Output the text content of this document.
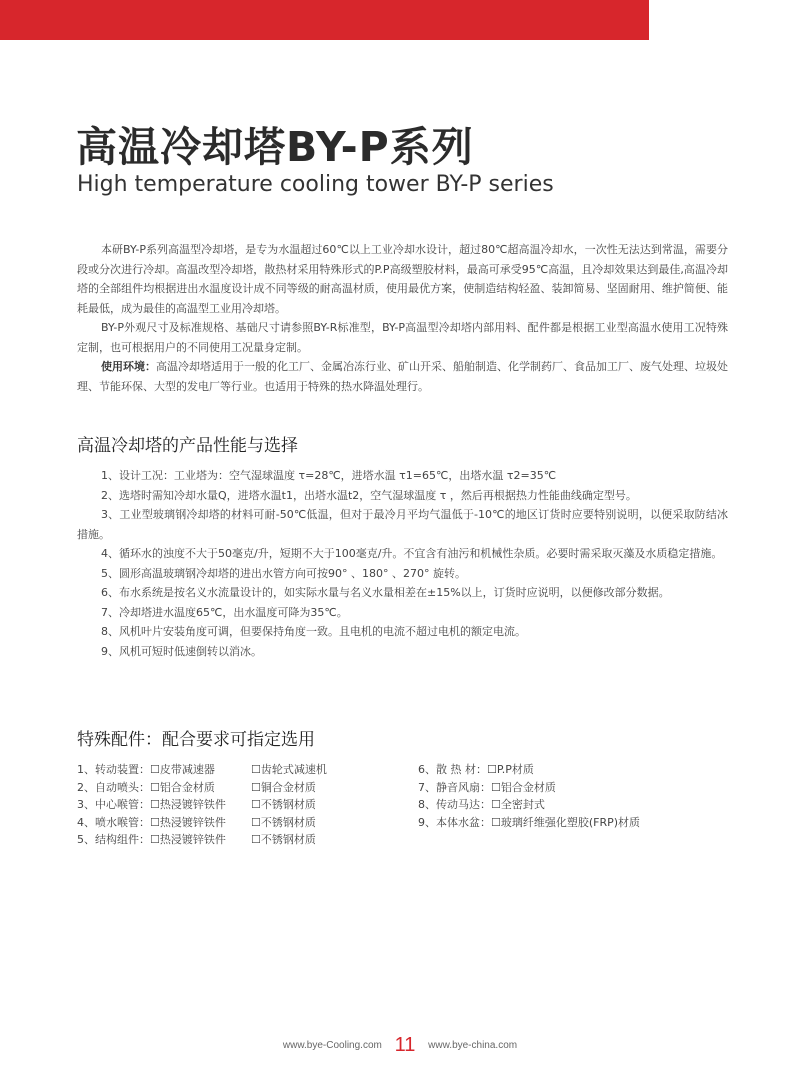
高温冷却塔BY-P系列
High temperature cooling tower BY-P series

本研BY-P系列高温型冷却塔，是专为水温超过60℃以上工业冷却水设计，超过80℃超高温冷却水，一次性无法达到常温，需要分段或分次进行冷却。高温改型冷却塔，散热材采用特殊形式的P.P高级塑胶材料，最高可承受95℃高温，且冷却效果达到最佳,高温冷却塔的全部组件均根据进出水温度设计成不同等级的耐高温材质，使用最优方案，使制造结构轻盈、装卸简易、坚固耐用、维护简便、能耗最低，成为最佳的高温型工业用冷却塔。

BY-P外观尺寸及标准规格、基础尺寸请参照BY-R标准型，BY-P高温型冷却塔内部用料、配件都是根据工业型高温水使用工况特殊定制，也可根据用户的不同使用工况量身定制。

使用环境：高温冷却塔适用于一般的化工厂、金属冶冻行业、矿山开采、船舶制造、化学制药厂、食品加工厂、废气处理、垃圾处理、节能环保、大型的发电厂等行业。也适用于特殊的热水降温处理行。

高温冷却塔的产品性能与选择

1、设计工况：工业塔为：空气湿球温度 τ=28℃，进塔水温 τ1=65℃，出塔水温 τ2=35℃

2、选塔时需知冷却水量Q，进塔水温t1，出塔水温t2，空气湿球温度 τ ，然后再根据热力性能曲线确定型号。

3、工业型玻璃钢冷却塔的材料可耐-50℃低温，但对于最冷月平均气温低于-10℃的地区订货时应要特别说明，以便采取防结冰措施。

4、循环水的浊度不大于50毫克/升，短期不大于100毫克/升。不宜含有油污和机械性杂质。必要时需采取灭藻及水质稳定措施。

5、圆形高温玻璃钢冷却塔的进出水管方向可按90° 、180° 、270° 旋转。

6、布水系统是按名义水流量设计的，如实际水量与名义水量相差在±15%以上，订货时应说明，以便修改部分数据。

7、冷却塔进水温度65℃，出水温度可降为35℃。

8、风机叶片安装角度可调，但要保持角度一致。且电机的电流不超过电机的额定电流。

9、风机可短时低速倒转以消冰。

特殊配件：配合要求可指定选用
1、转动装置：☐皮带减速器	☐齿轮式减速机
2、自动喷头：☐铝合金材质	☐铜合金材质
3、中心喉管：☐热浸镀锌铁件 ☐不锈钢材质
4、喷水喉管：☐热浸镀锌铁件 ☐不锈钢材质
5、结构组件：☐热浸镀锌铁件 ☐不锈钢材质
6、散 热 材：☐P.P材质
7、静音风扇：☐铝合金材质
8、传动马达：☐全密封式
9、本体水盆：☐玻璃纤维强化塑胶(FRP)材质
www.bye-Cooling.com 11 www.bye-china.com
